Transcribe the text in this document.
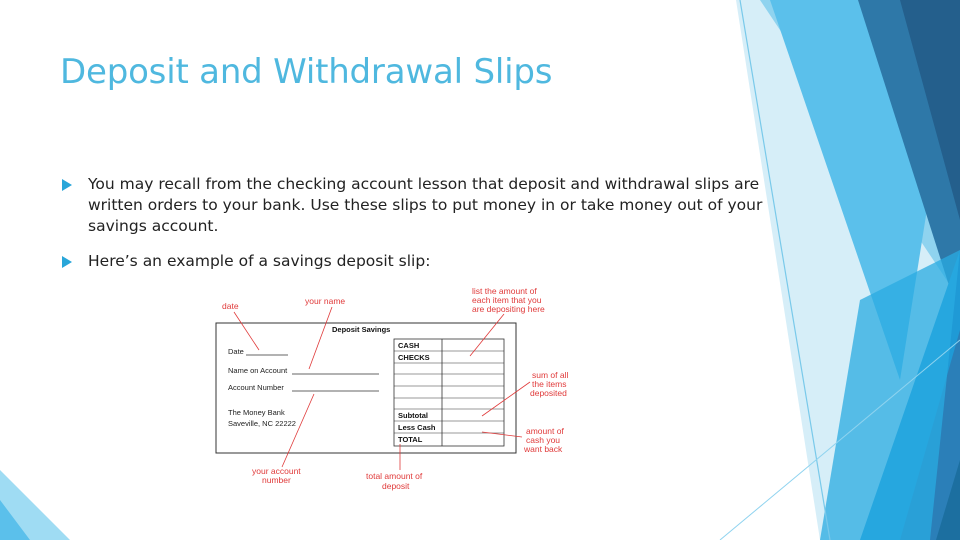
Deposit and Withdrawal Slips
You may recall from the checking account lesson that deposit and withdrawal slips are written orders to your bank. Use these slips to put money in or take money out of your savings account.
Here’s an example of a savings deposit slip:
Deposit Savings
Date
Name on Account
Account Number
The Money Bank
Saveville, NC 22222
CASH
CHECKS
Subtotal
Less Cash
TOTAL
date	your name
list the amount of
each item that you
are depositing here
sum of all
the items
deposited
amount of
cash you
want back
your account
number	total amount of
deposit
